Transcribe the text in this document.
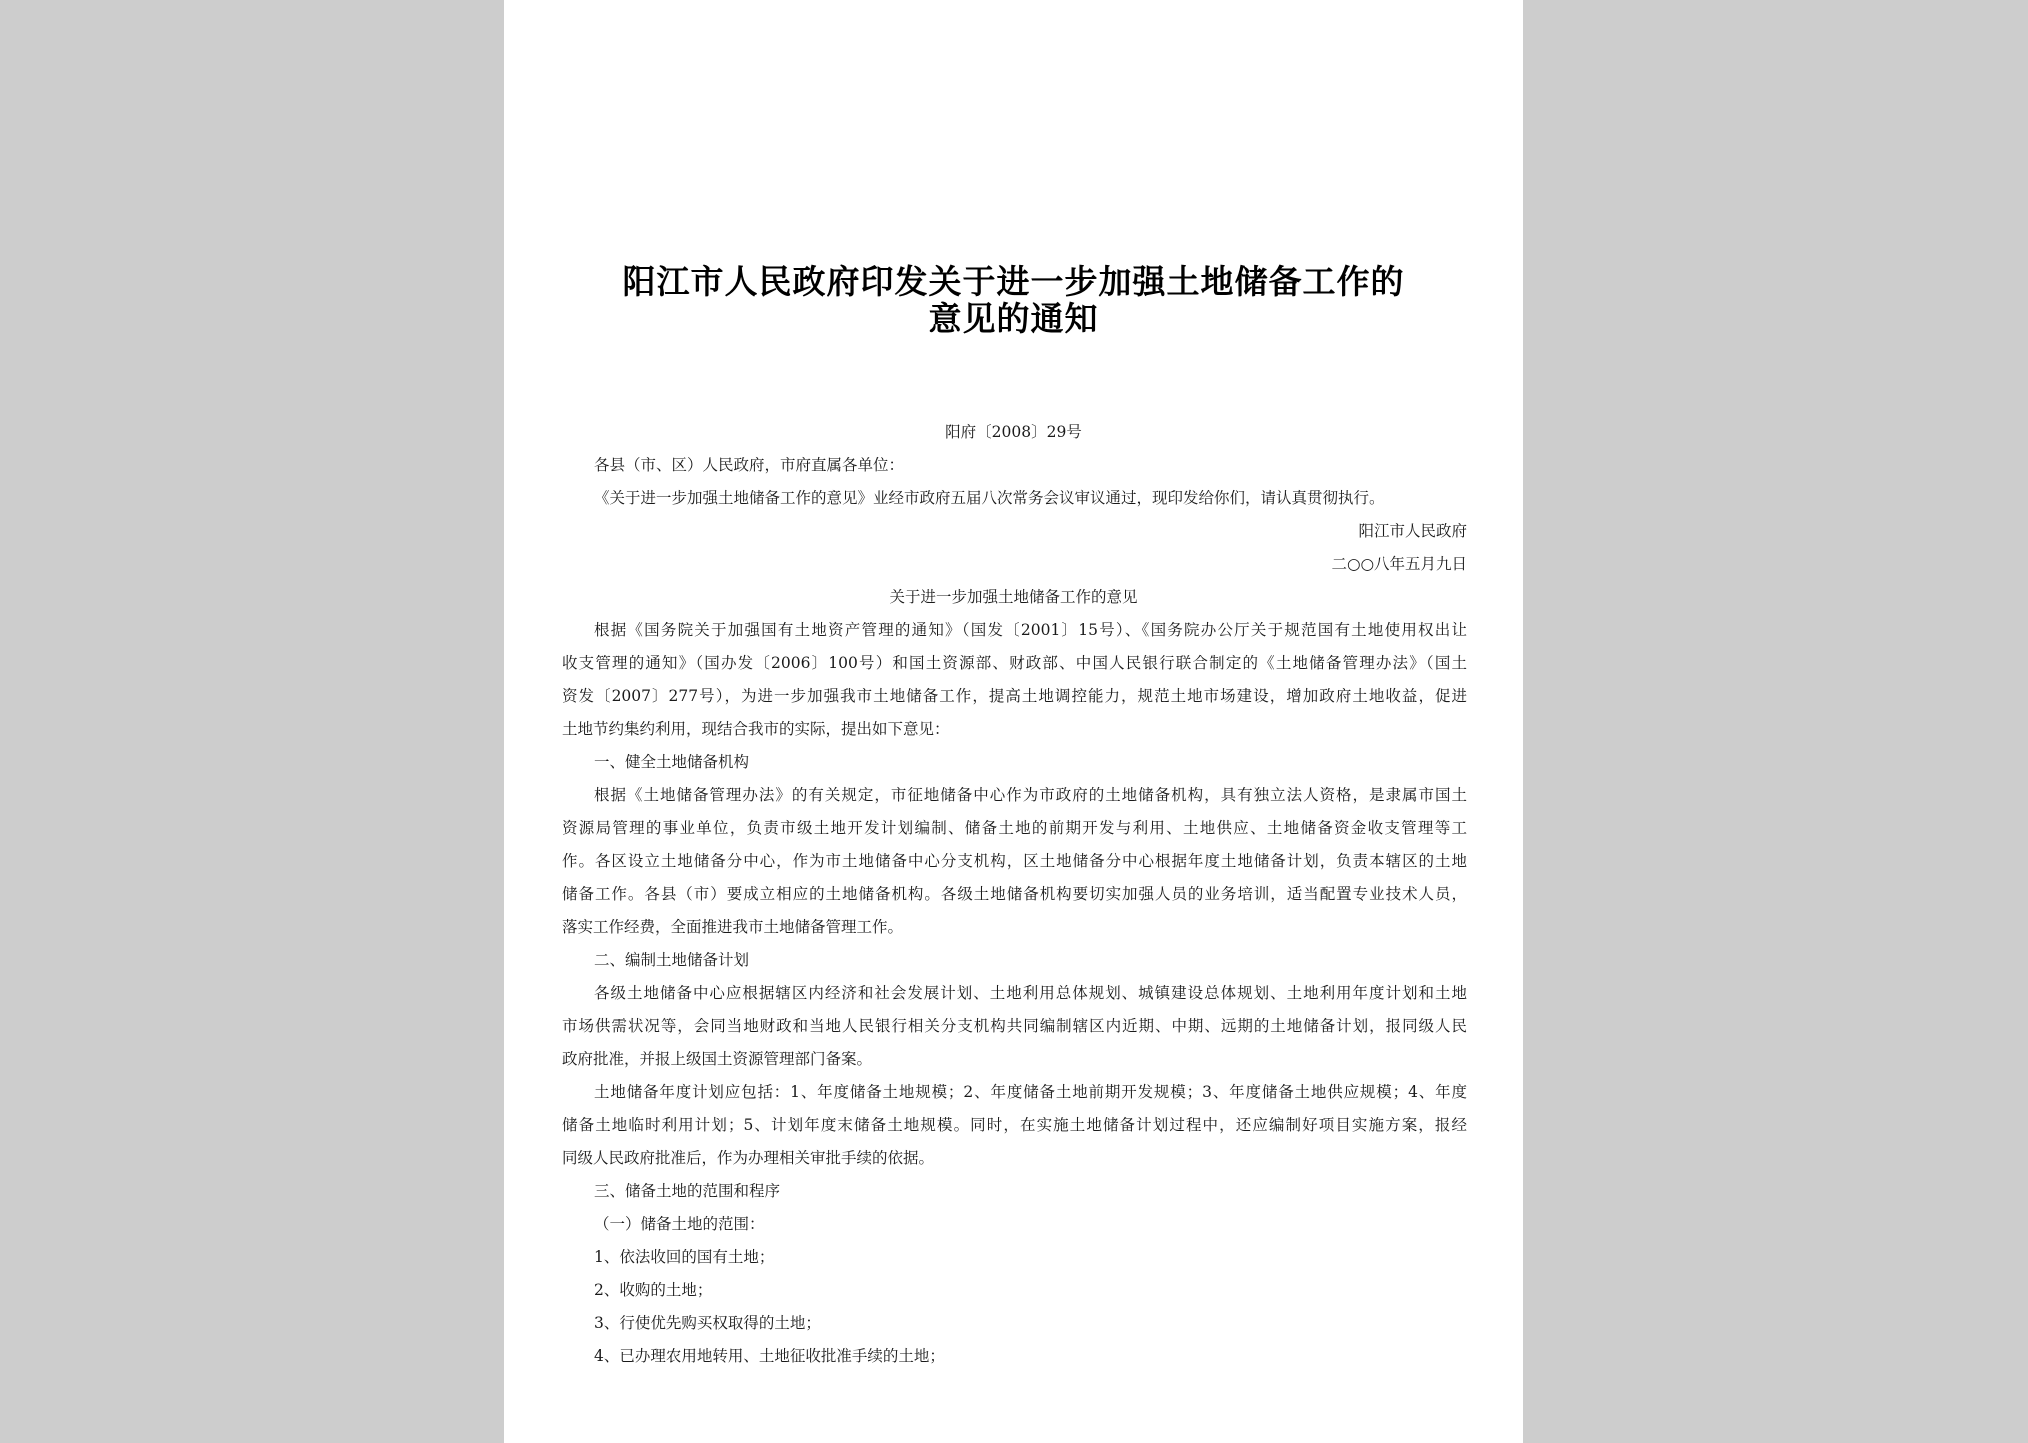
阳江市人民政府印发关于进一步加强土地储备工作的
意见的通知
阳府〔2008〕29号
各县（市、区）人民政府，市府直属各单位：
《关于进一步加强土地储备工作的意见》业经市政府五届八次常务会议审议通过，现印发给你们，请认真贯彻执行。
阳江市人民政府
二○○八年五月九日
关于进一步加强土地储备工作的意见
根据《国务院关于加强国有土地资产管理的通知》（国发〔2001〕15号）、《国务院办公厅关于规范国有土地使用权出让
收支管理的通知》（国办发〔2006〕100号）和国土资源部、财政部、中国人民银行联合制定的《土地储备管理办法》（国土
资发〔2007〕277号），为进一步加强我市土地储备工作，提高土地调控能力，规范土地市场建设，增加政府土地收益，促进
土地节约集约利用，现结合我市的实际，提出如下意见：
一、健全土地储备机构
根据《土地储备管理办法》的有关规定，市征地储备中心作为市政府的土地储备机构，具有独立法人资格，是隶属市国土
资源局管理的事业单位，负责市级土地开发计划编制、储备土地的前期开发与利用、土地供应、土地储备资金收支管理等工
作。各区设立土地储备分中心，作为市土地储备中心分支机构，区土地储备分中心根据年度土地储备计划，负责本辖区的土地
储备工作。各县（市）要成立相应的土地储备机构。各级土地储备机构要切实加强人员的业务培训，适当配置专业技术人员，
落实工作经费，全面推进我市土地储备管理工作。
二、编制土地储备计划
各级土地储备中心应根据辖区内经济和社会发展计划、土地利用总体规划、城镇建设总体规划、土地利用年度计划和土地
市场供需状况等，会同当地财政和当地人民银行相关分支机构共同编制辖区内近期、中期、远期的土地储备计划，报同级人民
政府批准，并报上级国土资源管理部门备案。
土地储备年度计划应包括：1、年度储备土地规模；2、年度储备土地前期开发规模；3、年度储备土地供应规模；4、年度
储备土地临时利用计划；5、计划年度末储备土地规模。同时，在实施土地储备计划过程中，还应编制好项目实施方案，报经
同级人民政府批准后，作为办理相关审批手续的依据。
三、储备土地的范围和程序
（一）储备土地的范围：
1、依法收回的国有土地；
2、收购的土地；
3、行使优先购买权取得的土地；
4、已办理农用地转用、土地征收批准手续的土地；
